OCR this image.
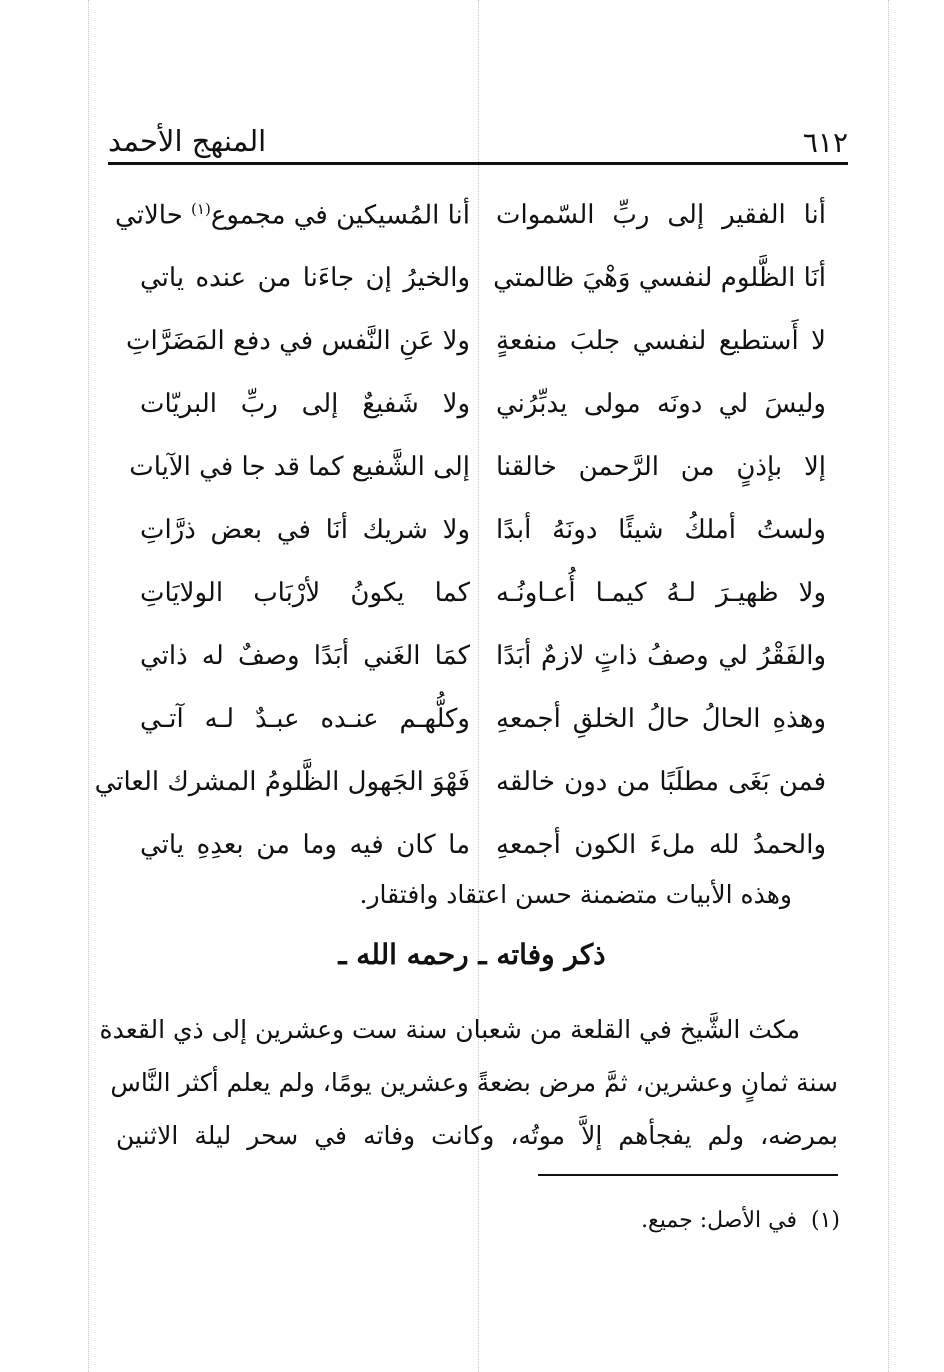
٦١٢
المنهج الأحمد
أنا الفقير إلى ربِّ السّموات
أنا المُسيكين في مجموع$^{(١)}$ حالاتي
أنَا الظَّلوم لنفسي وَهْيَ ظالمتي
والخيرُ إن جاءَنا من عنده ياتي
لا أَستطيع لنفسي جلبَ منفعةٍ
ولا عَنِ النَّفس في دفع المَضَرَّاتِ
وليسَ لي دونَه مولى يدبِّرُني
ولا شَفيعٌ إلى ربِّ البريّات
إلا بإذنٍ من الرَّحمن خالقنا
إلى الشَّفيع كما قد جا في الآيات
ولستُ أملكُ شيئًا دونَهُ أبدًا
ولا شريك أنَا في بعض ذرَّاتِ
ولا ظهيـرَ لـهُ كيمـا أُعـاونُـه
كما يكونُ لأرْبَاب الولايَاتِ
والفَقْرُ لي وصفُ ذاتٍ لازمٌ أبَدًا
كمَا الغَني أبَدًا وصفٌ له ذاتي
وهذهِ الحالُ حالُ الخلقِ أجمعهِ
وكلُّهـم عنـده عبـدٌ لـه آتـي
فمن بَغَى مطلَبًا من دون خالقه
فَهْوَ الجَهول الظَّلومُ المشرك العاتي
والحمدُ لله ملءَ الكون أجمعهِ
ما كان فيه وما من بعدِهِ ياتي
وهذه الأبيات متضمنة حسن اعتقاد وافتقار.
ذكر وفاته ـ رحمه الله ـ
مكث الشَّيخ في القلعة من شعبان سنة ست وعشرين إلى ذي القعدة
سنة ثمانٍ وعشرين، ثمَّ مرض بضعةً وعشرين يومًا، ولم يعلم أكثر النَّاس
بمرضه، ولم يفجأهم إلاَّ موتُه، وكانت وفاته في سحر ليلة الاثنين
(١)في الأصل: جميع.
